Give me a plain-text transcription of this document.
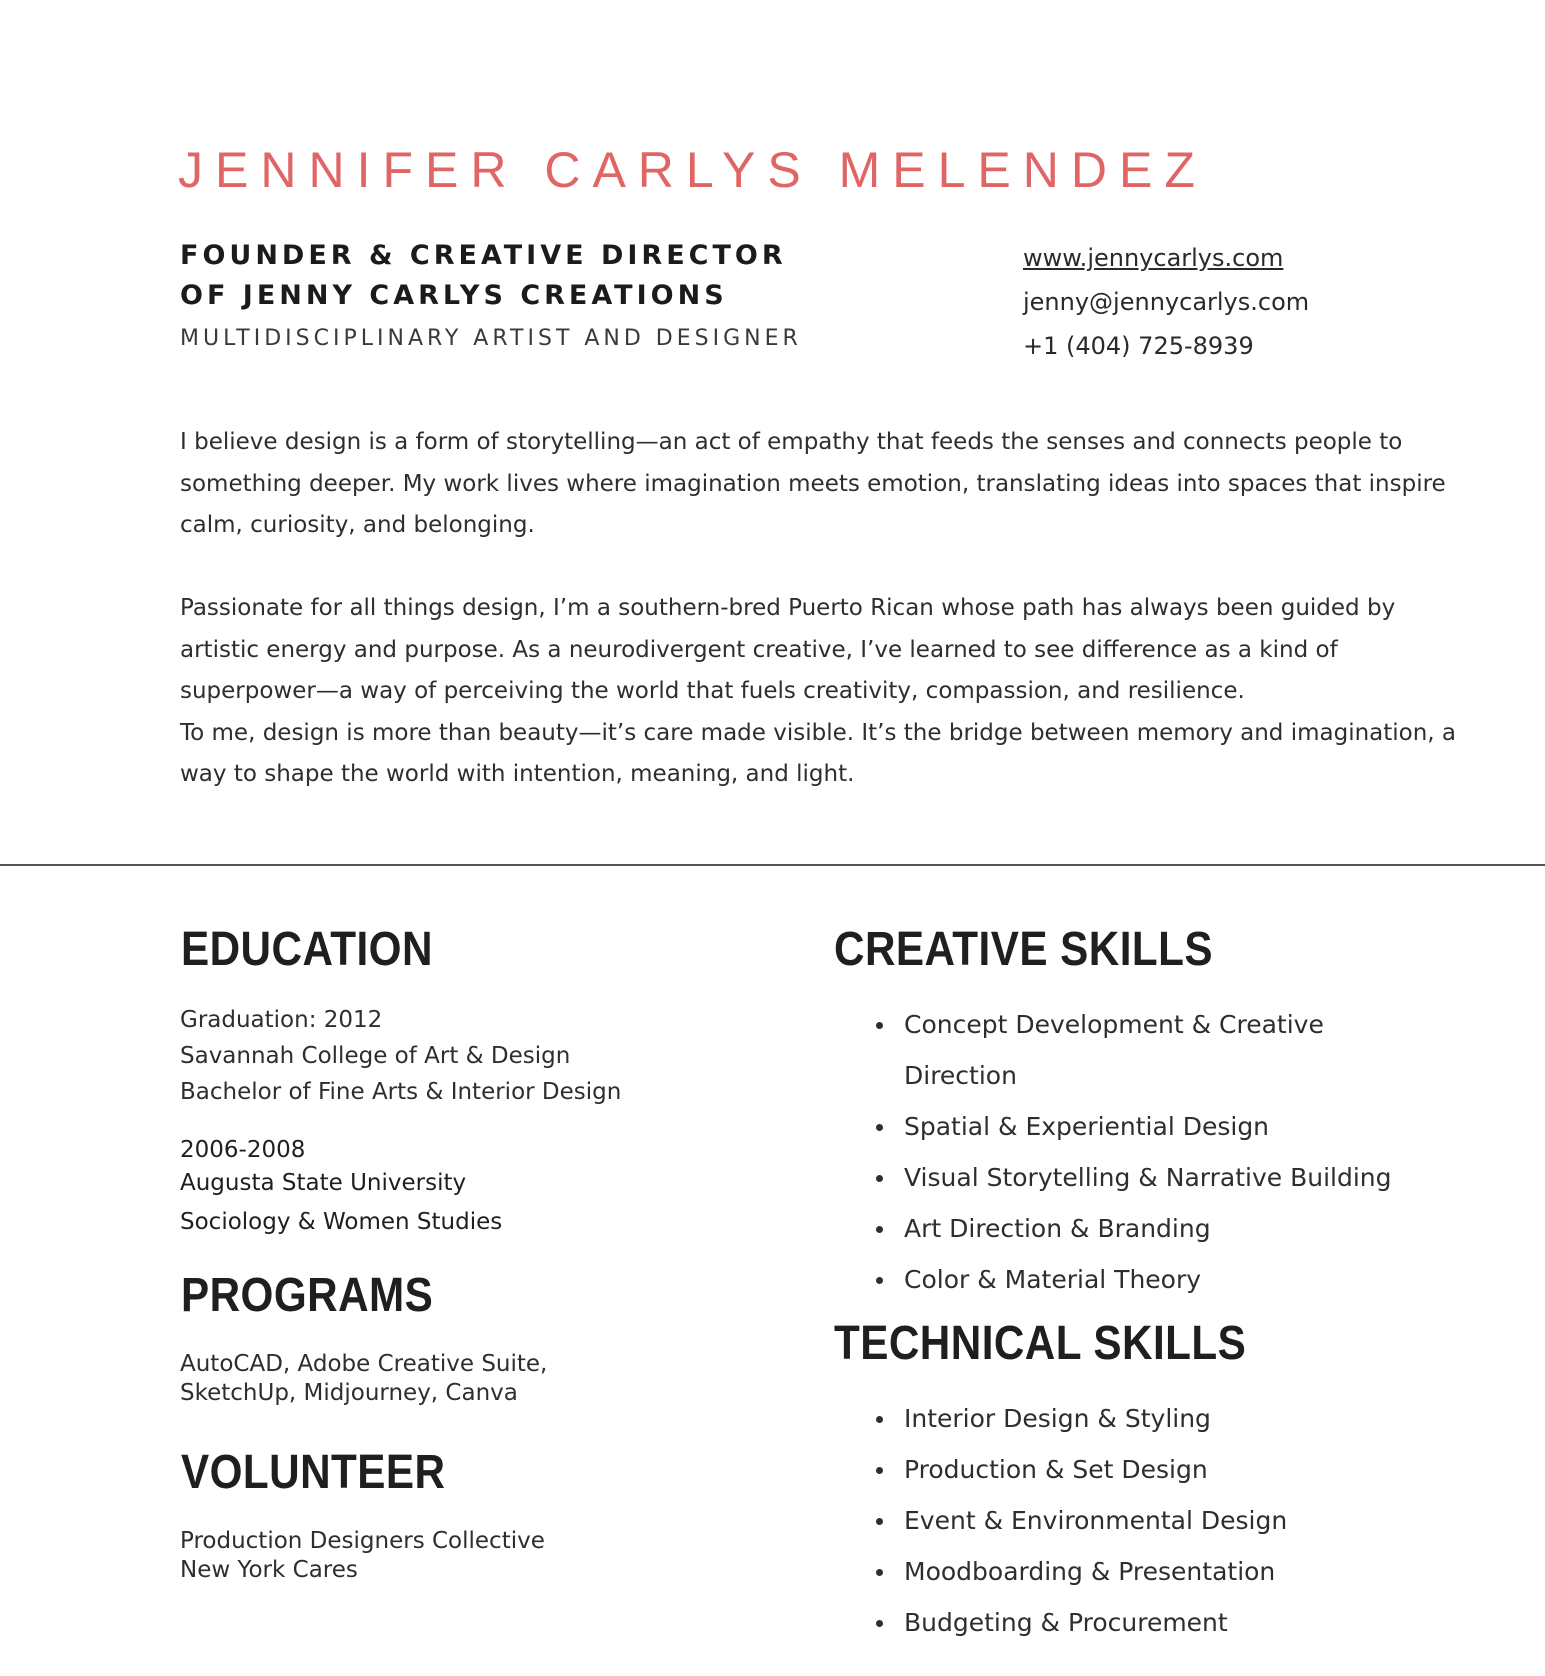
JENNIFER CARLYS MELENDEZ
FOUNDER & CREATIVE DIRECTOR
OF JENNY CARLYS CREATIONS
MULTIDISCIPLINARY ARTIST AND DESIGNER
www.jennycarlys.com
jenny@jennycarlys.com
+1 (404) 725-8939

I believe design is a form of storytelling—an act of empathy that feeds the senses and connects people to something deeper. My work lives where imagination meets emotion, translating ideas into spaces that inspire calm, curiosity, and belonging.

Passionate for all things design, I’m a southern-bred Puerto Rican whose path has always been guided by artistic energy and purpose. As a neurodivergent creative, I’ve learned to see difference as a kind of superpower—a way of perceiving the world that fuels creativity, compassion, and resilience.

To me, design is more than beauty—it’s care made visible. It’s the bridge between memory and imagination, a way to shape the world with intention, meaning, and light.

EDUCATION
Graduation: 2012
Savannah College of Art & Design
Bachelor of Fine Arts & Interior Design
2006-2008
Augusta State University
Sociology & Women Studies
PROGRAMS
AutoCAD, Adobe Creative Suite,
SketchUp, Midjourney, Canva
VOLUNTEER
Production Designers Collective
New York Cares
CREATIVE SKILLS
Concept Development & Creative Direction
Spatial & Experiential Design
Visual Storytelling & Narrative Building
Art Direction & Branding
Color & Material Theory
TECHNICAL SKILLS
Interior Design & Styling
Production & Set Design
Event & Environmental Design
Moodboarding & Presentation
Budgeting & Procurement
